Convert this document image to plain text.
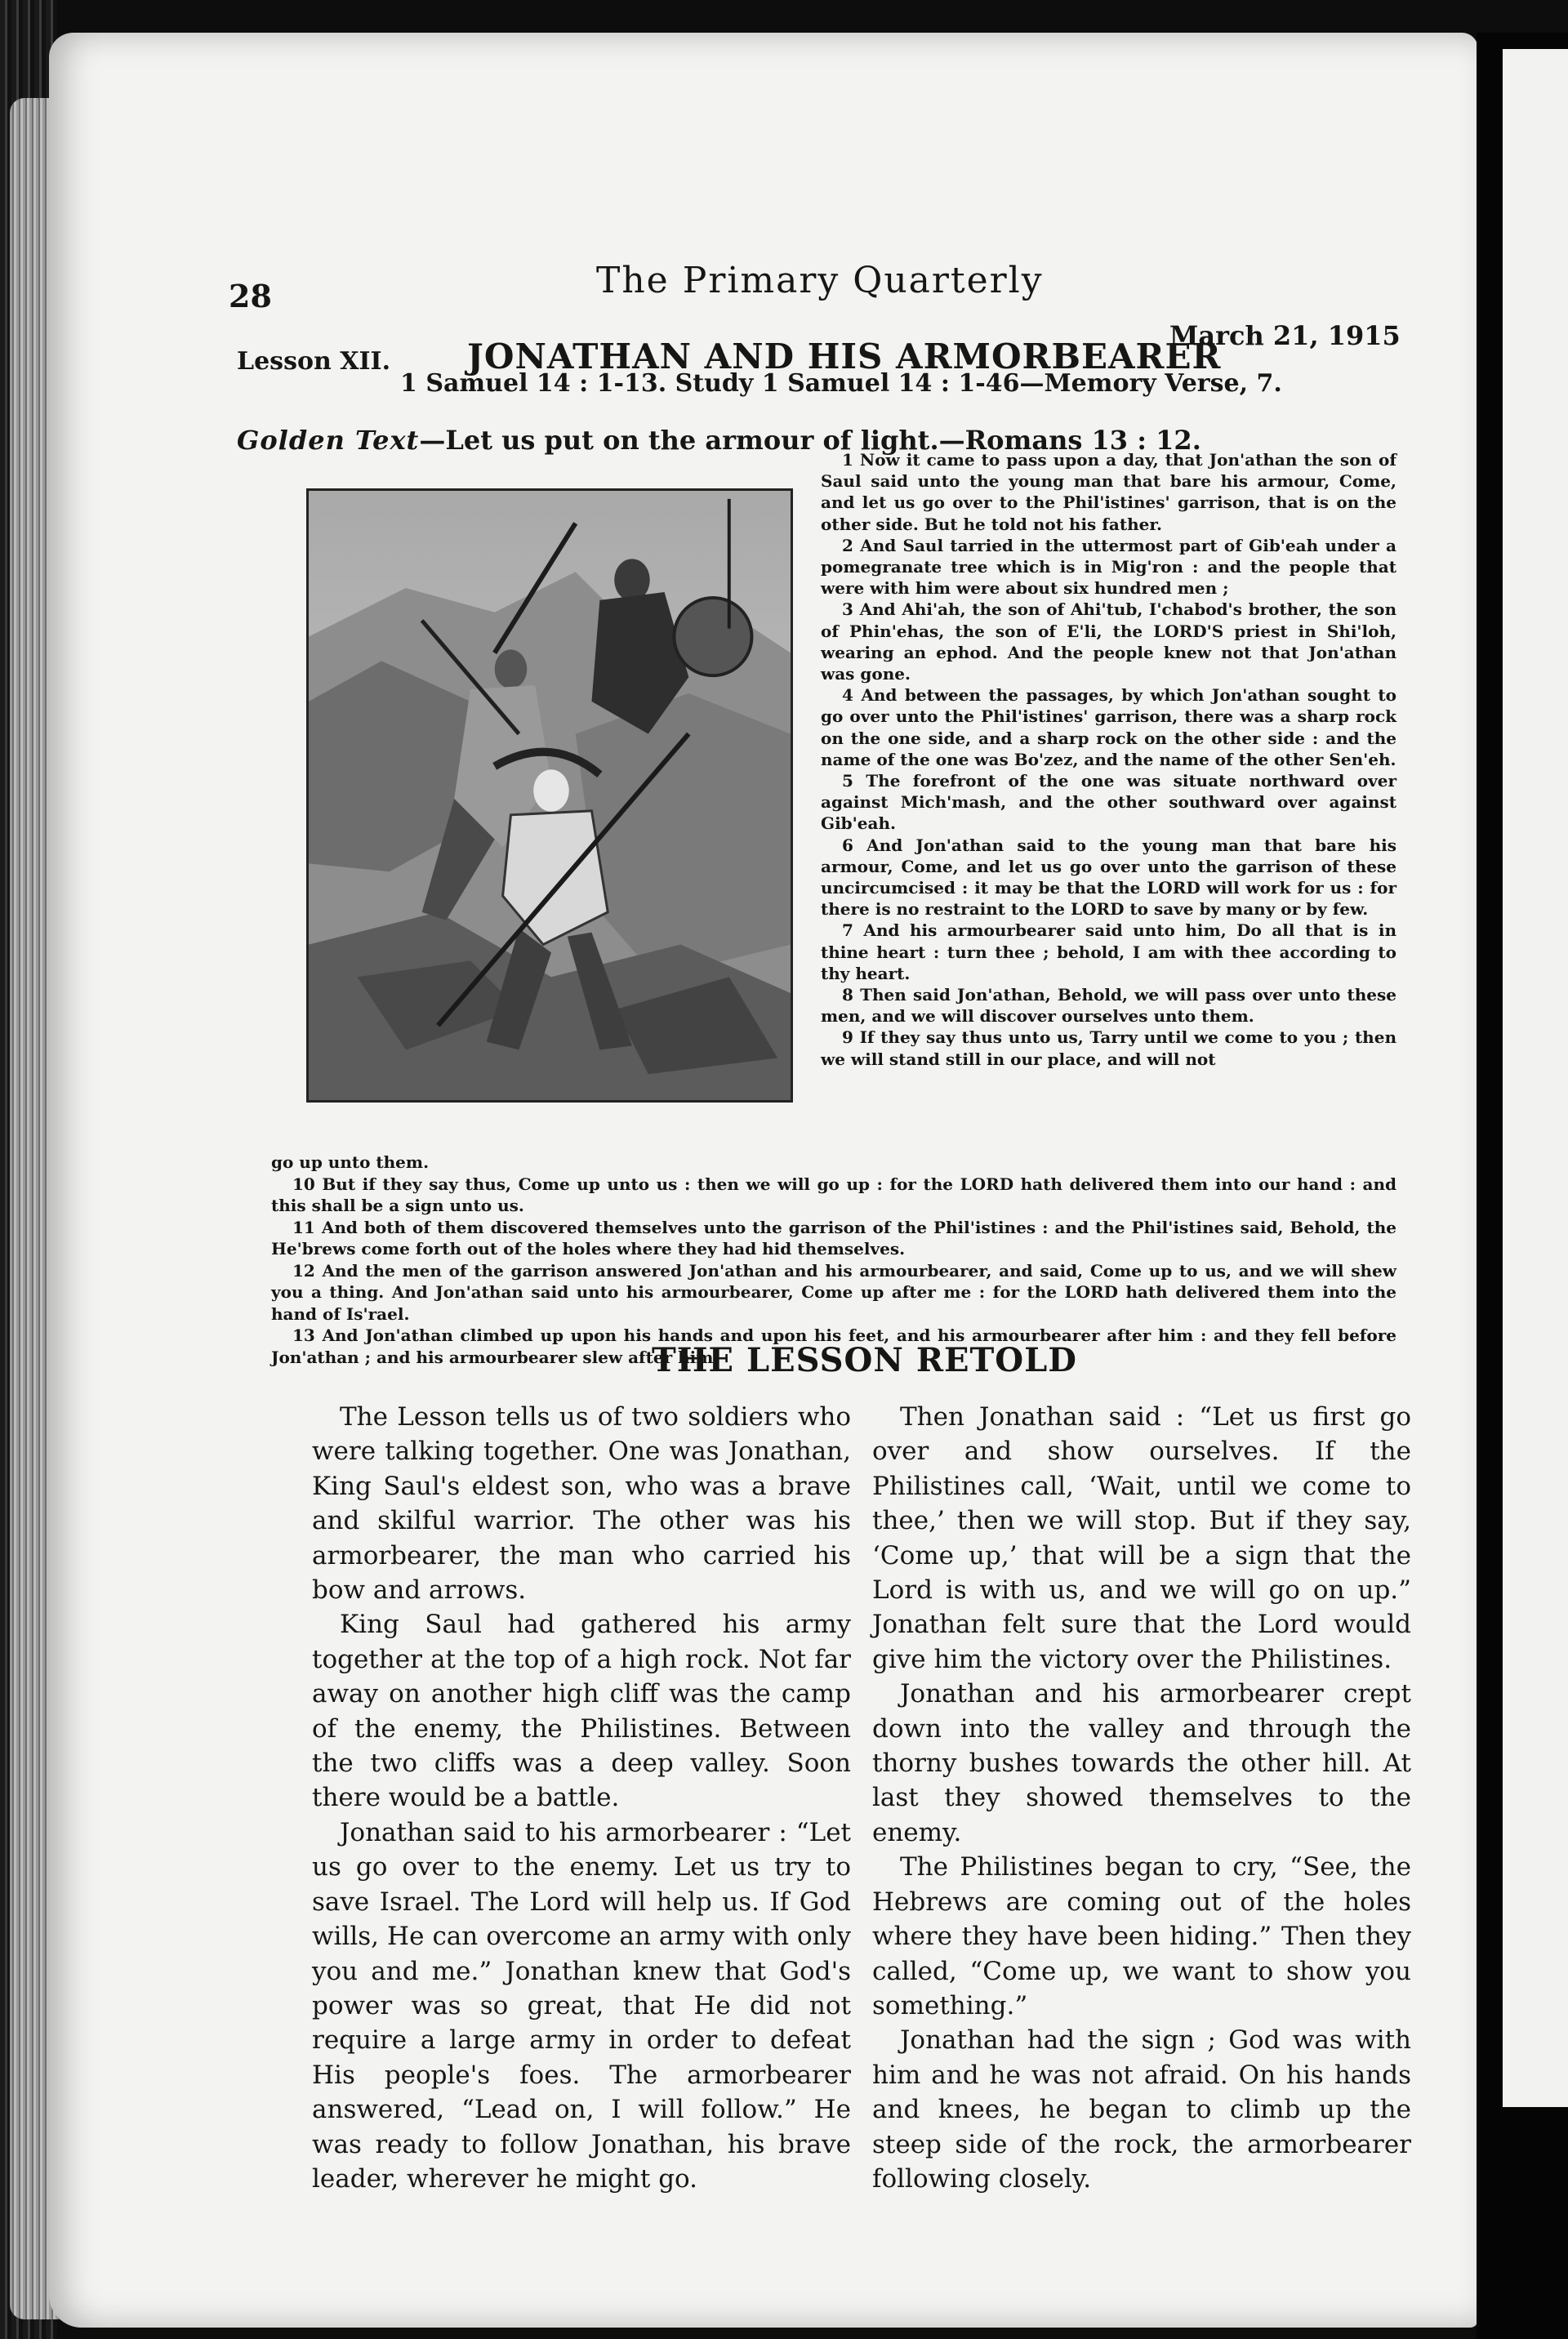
28	The Primary Quarterly
Lesson XII. JONATHAN AND HIS ARMORBEARER
March 21, 1915
1 Samuel 14 : 1-13. Study 1 Samuel 14 : 1-46—Memory Verse, 7.
Golden Text—Let us put on the armour of light.—Romans 13 : 12.

1 Now it came to pass upon a day, that Jon'athan the son of Saul said unto the young man that bare his armour, Come, and let us go over to the Phil'istines' garrison, that is on the other side. But he told not his father.

2 And Saul tarried in the uttermost part of Gib'eah under a pomegranate tree which is in Mig'ron : and the people that were with him were about six hundred men ;

3 And Ahi'ah, the son of Ahi'tub, I'chabod's brother, the son of Phin'ehas, the son of E'li, the LORD'S priest in Shi'loh, wearing an ephod. And the people knew not that Jon'athan was gone.

4 And between the passages, by which Jon'athan sought to go over unto the Phil'istines' garrison, there was a sharp rock on the one side, and a sharp rock on the other side : and the name of the one was Bo'zez, and the name of the other Sen'eh.

5 The forefront of the one was situate northward over against Mich'mash, and the other southward over against Gib'eah.

6 And Jon'athan said to the young man that bare his armour, Come, and let us go over unto the garrison of these uncircumcised : it may be that the LORD will work for us : for there is no restraint to the LORD to save by many or by few.

7 And his armourbearer said unto him, Do all that is in thine heart : turn thee ; behold, I am with thee according to thy heart.

8 Then said Jon'athan, Behold, we will pass over unto these men, and we will discover ourselves unto them.

9 If they say thus unto us, Tarry until we come to you ; then we will stand still in our place, and will not

go up unto them.

10 But if they say thus, Come up unto us : then we will go up : for the LORD hath delivered them into our hand : and this shall be a sign unto us.

11 And both of them discovered themselves unto the garrison of the Phil'istines : and the Phil'istines said, Behold, the He'brews come forth out of the holes where they had hid themselves.

12 And the men of the garrison answered Jon'athan and his armourbearer, and said, Come up to us, and we will shew you a thing. And Jon'athan said unto his armourbearer, Come up after me : for the LORD hath delivered them into the hand of Is'rael.

13 And Jon'athan climbed up upon his hands and upon his feet, and his armourbearer after him : and they fell before Jon'athan ; and his armourbearer slew after him.

THE LESSON RETOLD

The Lesson tells us of two soldiers who were talking together. One was Jonathan, King Saul's eldest son, who was a brave and skilful warrior. The other was his armorbearer, the man who carried his bow and arrows.

King Saul had gathered his army together at the top of a high rock. Not far away on another high cliff was the camp of the enemy, the Philistines. Between the two cliffs was a deep valley. Soon there would be a battle.

Jonathan said to his armorbearer : “Let us go over to the enemy. Let us try to save Israel. The Lord will help us. If God wills, He can overcome an army with only you and me.” Jonathan knew that God's power was so great, that He did not require a large army in order to defeat His people's foes. The armorbearer answered, “Lead on, I will follow.” He was ready to follow Jonathan, his brave leader, wherever he might go.

Then Jonathan said : “Let us first go over and show ourselves. If the Philistines call, ‘Wait, until we come to thee,’ then we will stop. But if they say, ‘Come up,’ that will be a sign that the Lord is with us, and we will go on up.” Jonathan felt sure that the Lord would give him the victory over the Philistines.

Jonathan and his armorbearer crept down into the valley and through the thorny bushes towards the other hill. At last they showed themselves to the enemy.

The Philistines began to cry, “See, the Hebrews are coming out of the holes where they have been hiding.” Then they called, “Come up, we want to show you something.”

Jonathan had the sign ; God was with him and he was not afraid. On his hands and knees, he began to climb up the steep side of the rock, the armorbearer following closely.
